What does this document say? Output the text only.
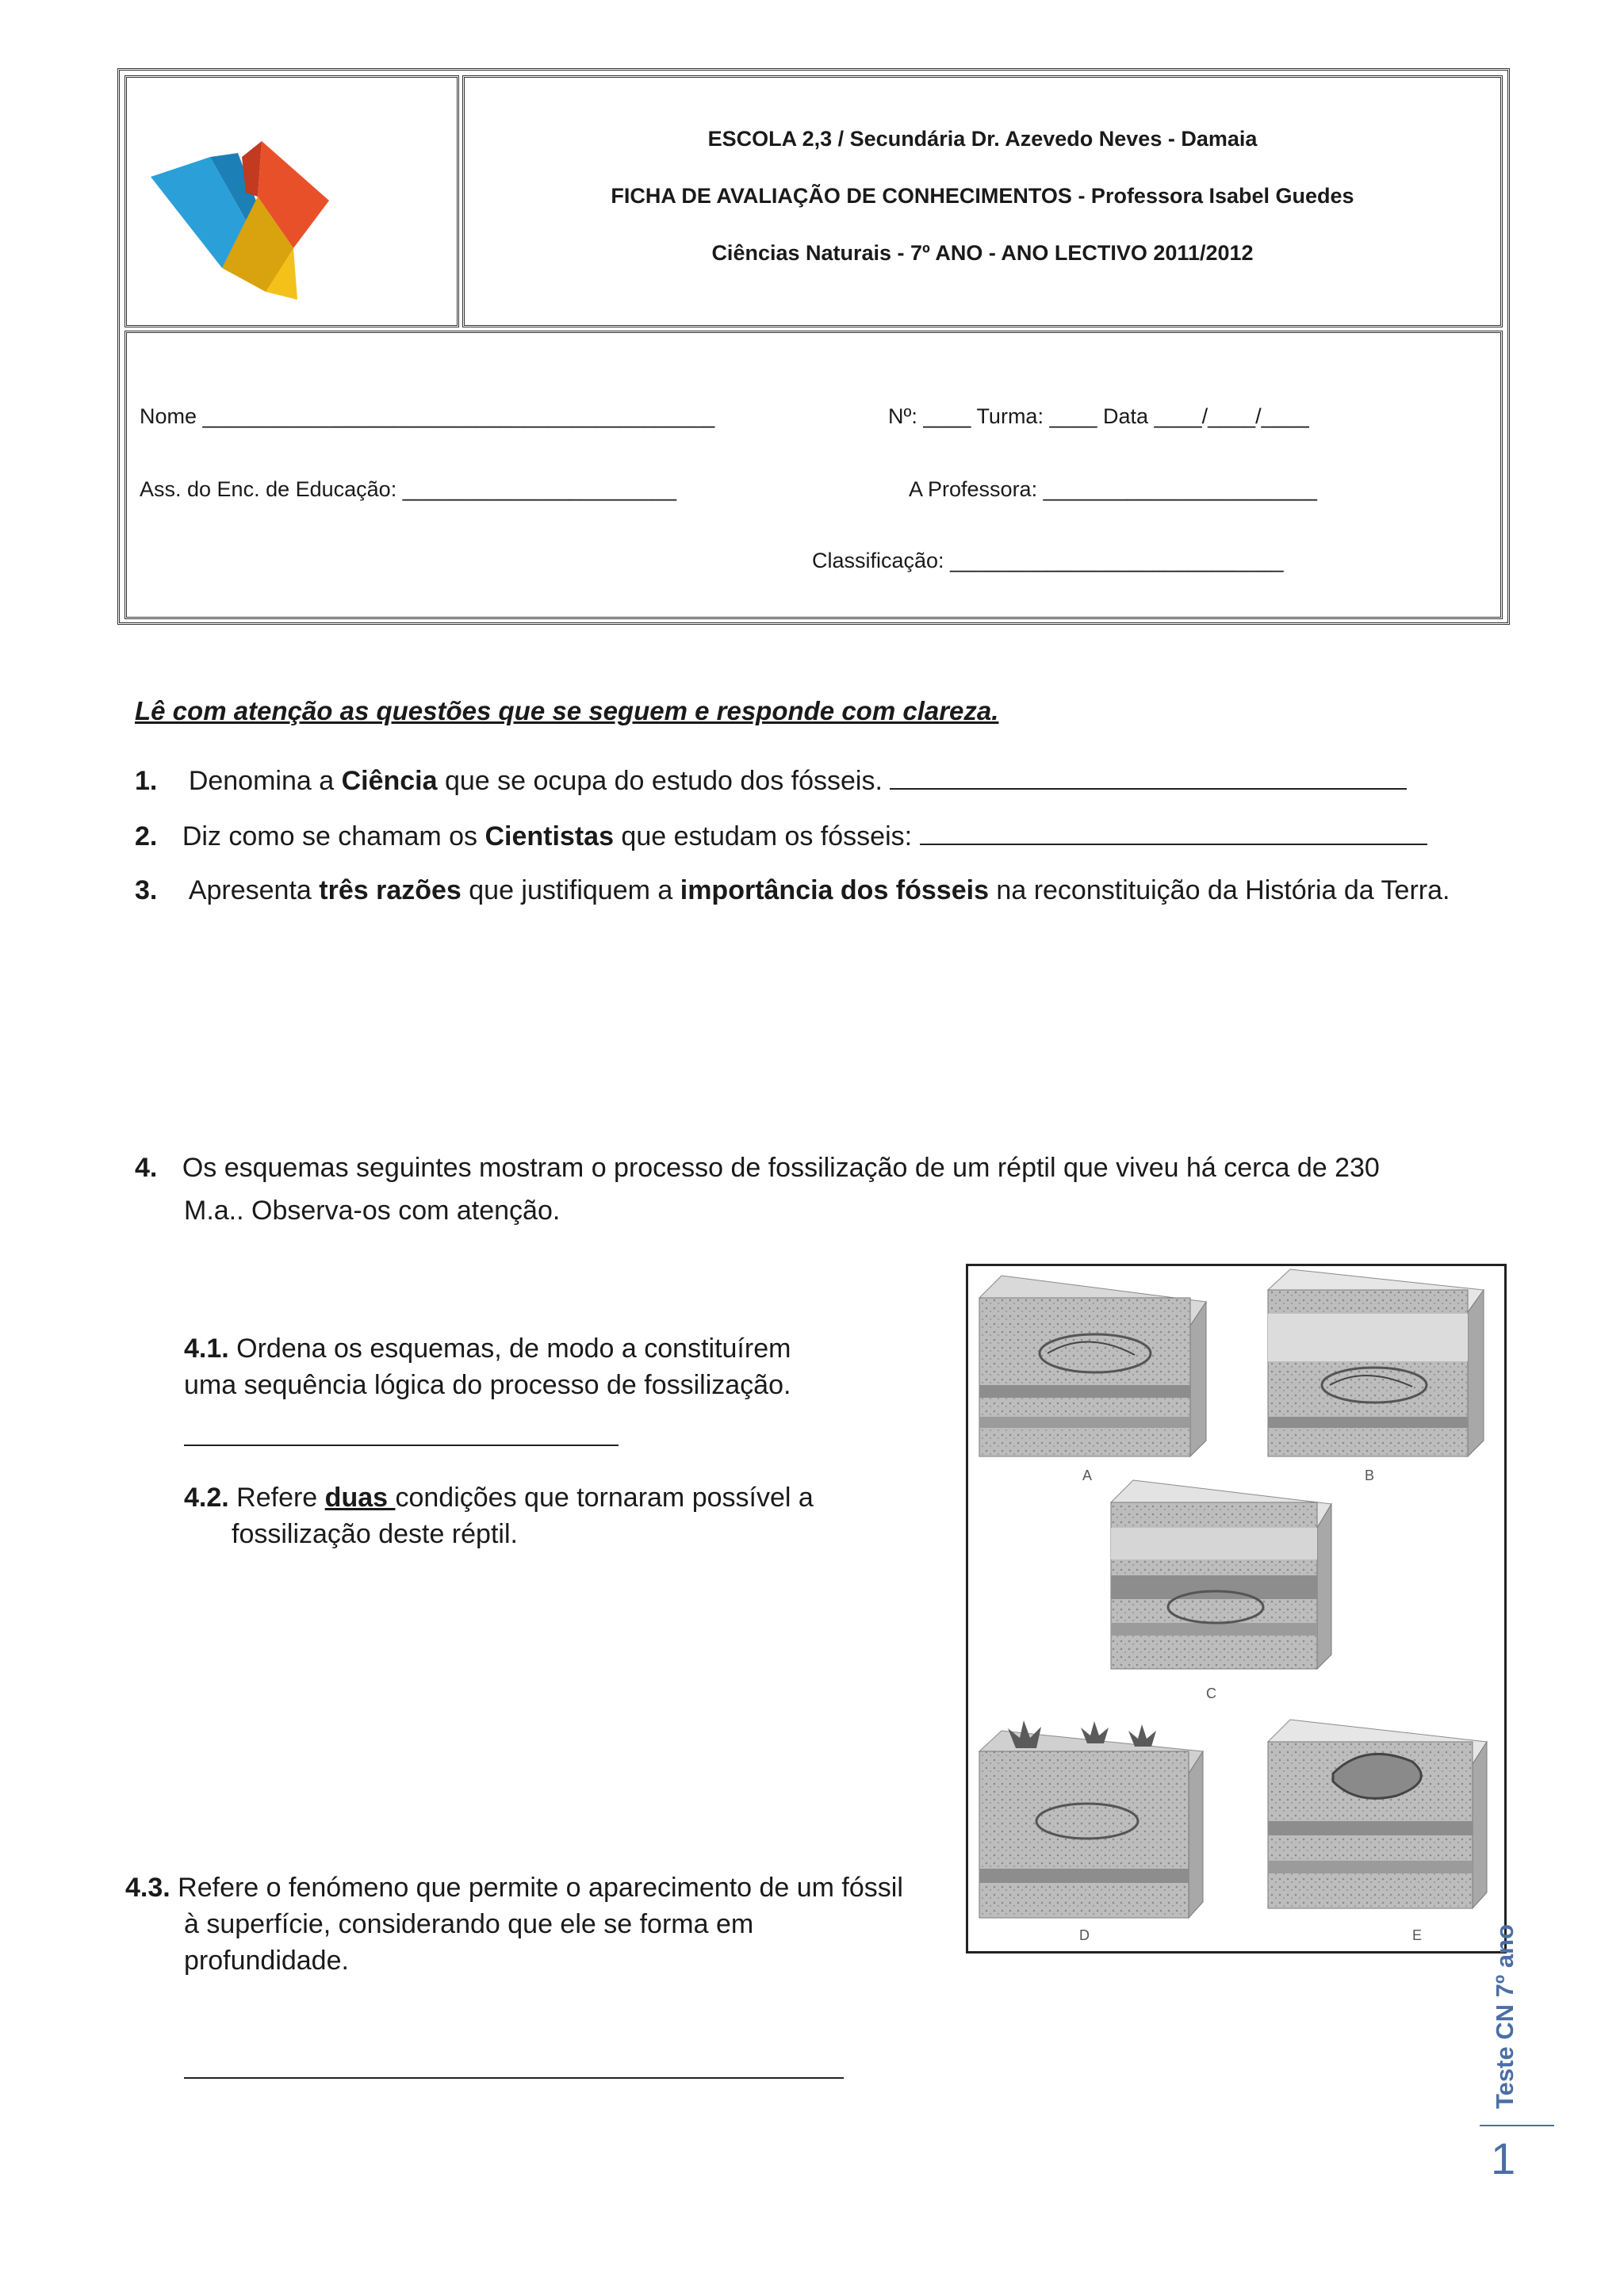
ESCOLA 2,3 / Secundária Dr. Azevedo Neves - Damaia
FICHA DE AVALIAÇÃO DE CONHECIMENTOS - Professora Isabel Guedes
Ciências Naturais - 7º ANO - ANO LECTIVO 2011/2012
Nome ___________________________________________	Nº: ____ Turma: ____ Data ____/____/____
Ass. do Enc. de Educação: _______________________	A Professora: _______________________
Classificação: ____________________________
Lê com atenção as questões que se seguem e responde com clareza.
1. Denomina a Ciência que se ocupa do estudo dos fósseis.
2. Diz como se chamam os Cientistas que estudam os fósseis:
3. Apresenta três razões que justifiquem a importância dos fósseis na reconstituição da História da Terra.
4. Os esquemas seguintes mostram o processo de fossilização de um réptil que viveu há cerca de 230
M.a.. Observa-os com atenção.
4.1. Ordena os esquemas, de modo a constituírem
uma sequência lógica do processo de fossilização.
4.2. Refere duas condições que tornaram possível a
fossilização deste réptil.
4.3. Refere o fenómeno que permite o aparecimento de um fóssil
à superfície, considerando que ele se forma em
profundidade.
A	B
C
D	E	Teste CN 7º ano
1
